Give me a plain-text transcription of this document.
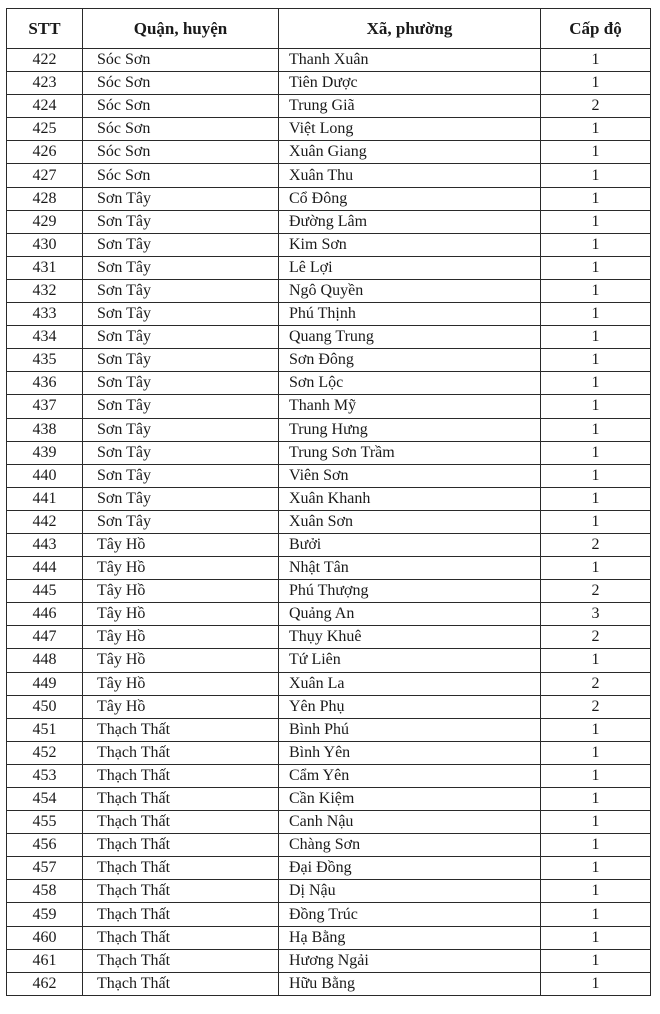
STT	Quận, huyện	Xã, phường	Cấp độ
422	Sóc Sơn	Thanh Xuân	1
423	Sóc Sơn	Tiên Dược	1
424	Sóc Sơn	Trung Giã	2
425	Sóc Sơn	Việt Long	1
426	Sóc Sơn	Xuân Giang	1
427	Sóc Sơn	Xuân Thu	1
428	Sơn Tây	Cổ Đông	1
429	Sơn Tây	Đường Lâm	1
430	Sơn Tây	Kim Sơn	1
431	Sơn Tây	Lê Lợi	1
432	Sơn Tây	Ngô Quyền	1
433	Sơn Tây	Phú Thịnh	1
434	Sơn Tây	Quang Trung	1
435	Sơn Tây	Sơn Đông	1
436	Sơn Tây	Sơn Lộc	1
437	Sơn Tây	Thanh Mỹ	1
438	Sơn Tây	Trung Hưng	1
439	Sơn Tây	Trung Sơn Trầm	1
440	Sơn Tây	Viên Sơn	1
441	Sơn Tây	Xuân Khanh	1
442	Sơn Tây	Xuân Sơn	1
443	Tây Hồ	Bưởi	2
444	Tây Hồ	Nhật Tân	1
445	Tây Hồ	Phú Thượng	2
446	Tây Hồ	Quảng An	3
447	Tây Hồ	Thụy Khuê	2
448	Tây Hồ	Tứ Liên	1
449	Tây Hồ	Xuân La	2
450	Tây Hồ	Yên Phụ	2
451	Thạch Thất	Bình Phú	1
452	Thạch Thất	Bình Yên	1
453	Thạch Thất	Cẩm Yên	1
454	Thạch Thất	Cần Kiệm	1
455	Thạch Thất	Canh Nậu	1
456	Thạch Thất	Chàng Sơn	1
457	Thạch Thất	Đại Đồng	1
458	Thạch Thất	Dị Nậu	1
459	Thạch Thất	Đồng Trúc	1
460	Thạch Thất	Hạ Bằng	1
461	Thạch Thất	Hương Ngải	1
462	Thạch Thất	Hữu Bằng	1
